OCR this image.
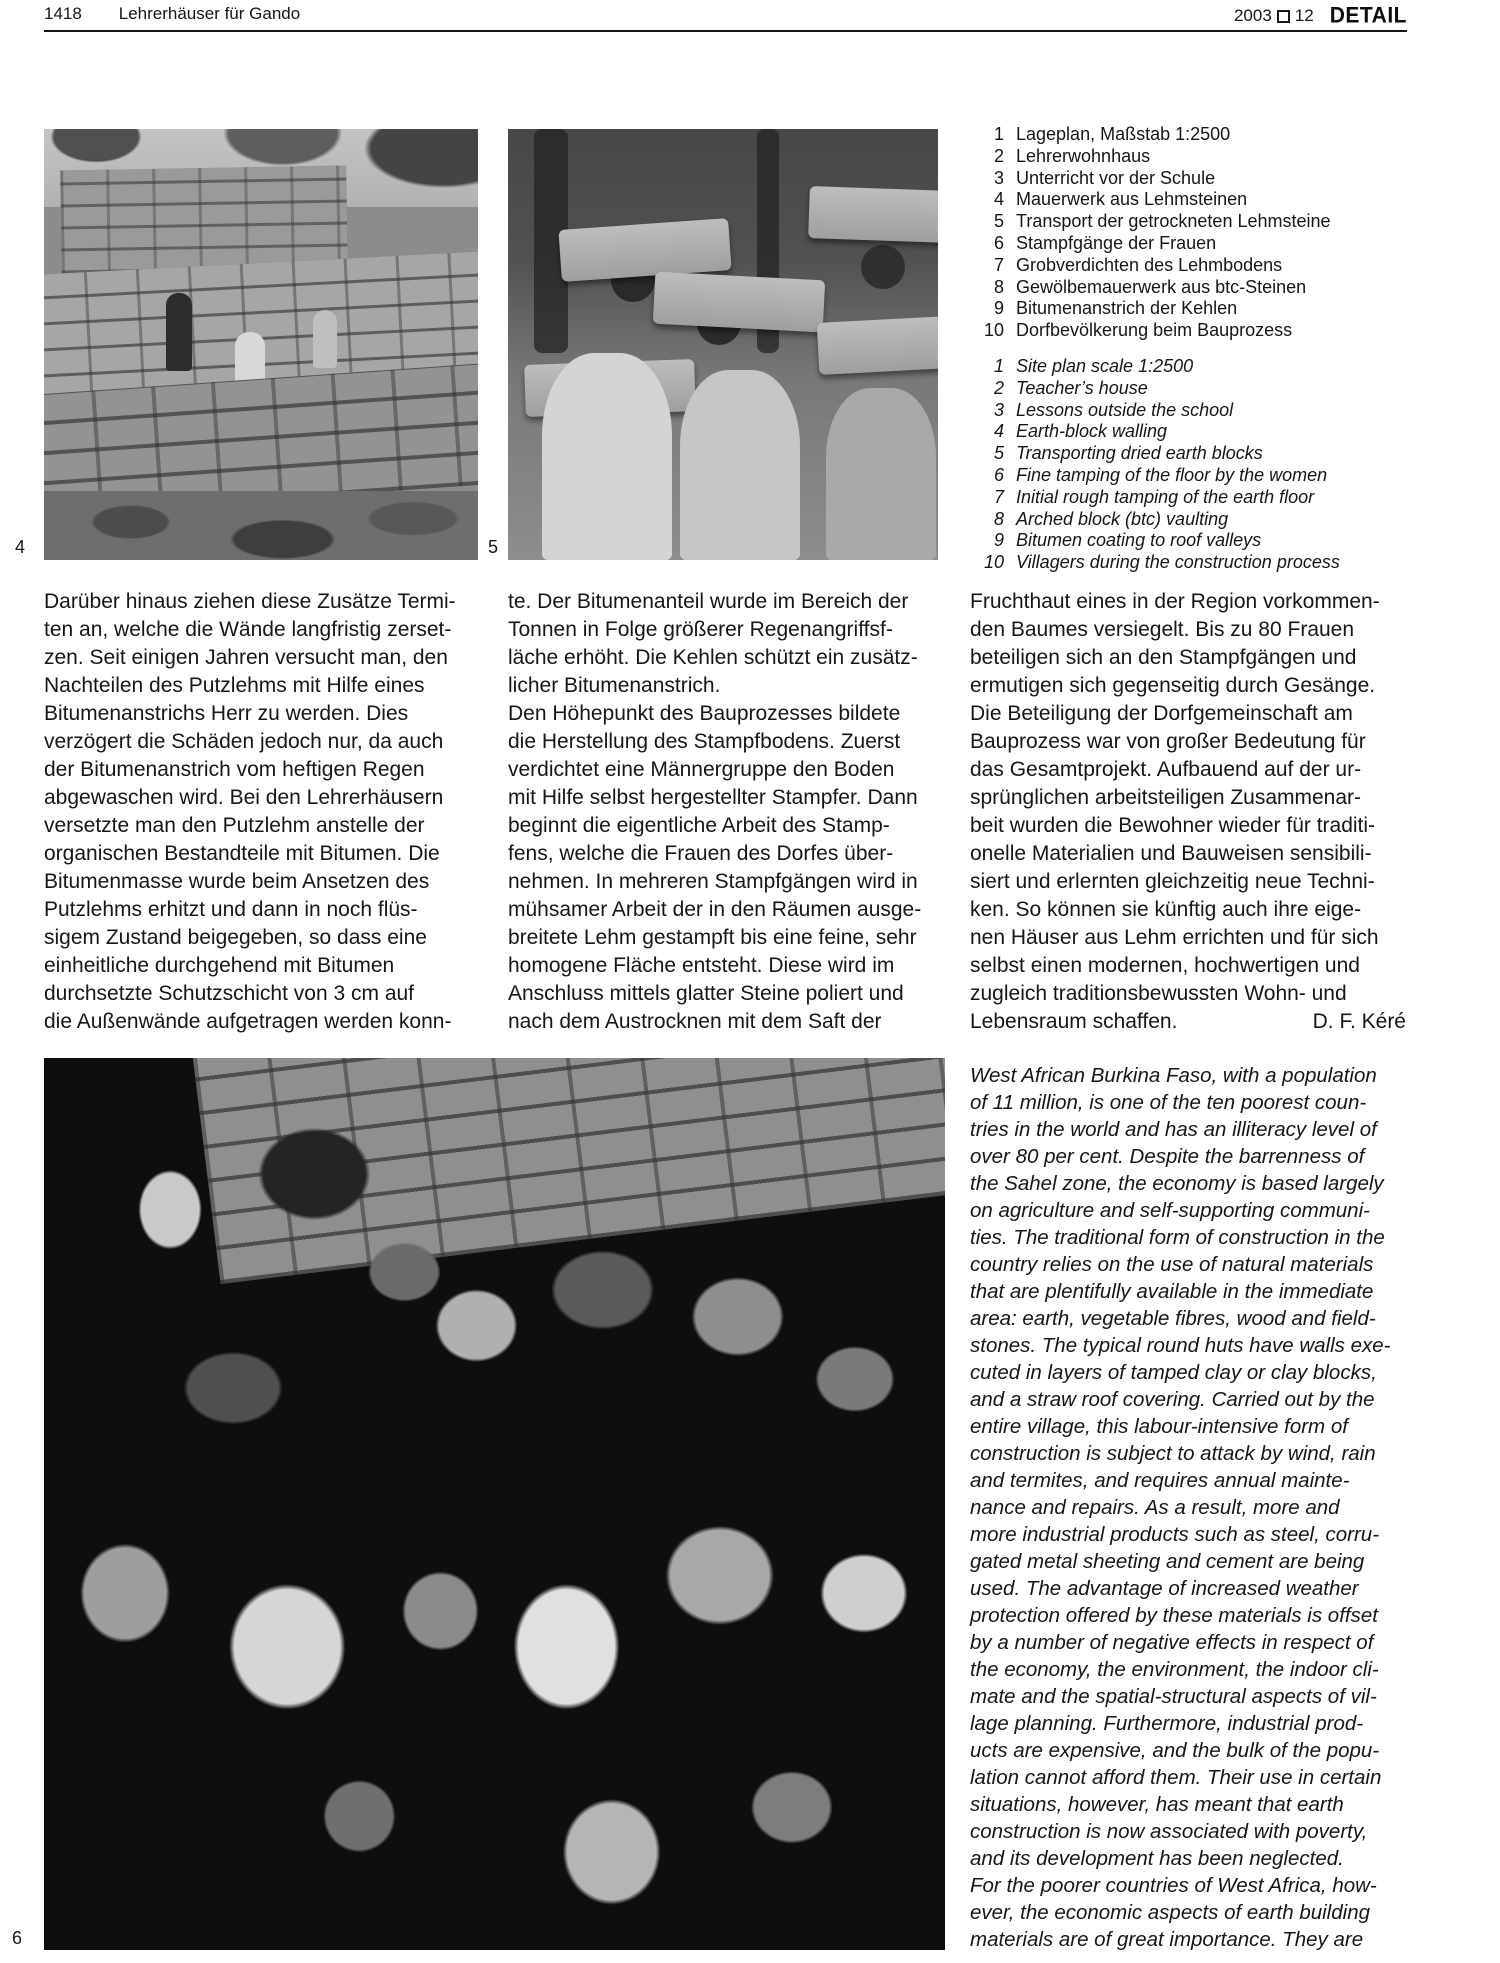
1418 Lehrerhäuser für Gando	2003 12 DETAIL
4	5
1 Lageplan, Maßstab 1:2500
2 Lehrerwohnhaus
3 Unterricht vor der Schule
4 Mauerwerk aus Lehmsteinen
5 Transport der getrockneten Lehmsteine
6 Stampfgänge der Frauen
7 Grobverdichten des Lehmbodens
8 Gewölbemauerwerk aus btc-Steinen
9 Bitumenanstrich der Kehlen
10 Dorfbevölkerung beim Bauprozess
1 Site plan scale 1:2500
2 Teacher’s house
3 Lessons outside the school
4 Earth-block walling
5 Transporting dried earth blocks
6 Fine tamping of the floor by the women
7 Initial rough tamping of the earth floor
8 Arched block (btc) vaulting
9 Bitumen coating to roof valleys
10 Villagers during the construction process
Darüber hinaus ziehen diese Zusätze Termi-
ten an, welche die Wände langfristig zerset-
zen. Seit einigen Jahren versucht man, den
Nachteilen des Putzlehms mit Hilfe eines
Bitumenanstrichs Herr zu werden. Dies
verzögert die Schäden jedoch nur, da auch
der Bitumenanstrich vom heftigen Regen
abgewaschen wird. Bei den Lehrerhäusern
versetzte man den Putzlehm anstelle der
organischen Bestandteile mit Bitumen. Die
Bitumenmasse wurde beim Ansetzen des
Putzlehms erhitzt und dann in noch flüs-
sigem Zustand beigegeben, so dass eine
einheitliche durchgehend mit Bitumen
durchsetzte Schutzschicht von 3 cm auf
die Außenwände aufgetragen werden konn-
te. Der Bitumenanteil wurde im Bereich der
Tonnen in Folge größerer Regenangriffsf-
läche erhöht. Die Kehlen schützt ein zusätz-
licher Bitumenanstrich.
Den Höhepunkt des Bauprozesses bildete
die Herstellung des Stampfbodens. Zuerst
verdichtet eine Männergruppe den Boden
mit Hilfe selbst hergestellter Stampfer. Dann
beginnt die eigentliche Arbeit des Stamp-
fens, welche die Frauen des Dorfes über-
nehmen. In mehreren Stampfgängen wird in
mühsamer Arbeit der in den Räumen ausge-
breitete Lehm gestampft bis eine feine, sehr
homogene Fläche entsteht. Diese wird im
Anschluss mittels glatter Steine poliert und
nach dem Austrocknen mit dem Saft der
Fruchthaut eines in der Region vorkommen-
den Baumes versiegelt. Bis zu 80 Frauen
beteiligen sich an den Stampfgängen und
ermutigen sich gegenseitig durch Gesänge.
Die Beteiligung der Dorfgemeinschaft am
Bauprozess war von großer Bedeutung für
das Gesamtprojekt. Aufbauend auf der ur-
sprünglichen arbeitsteiligen Zusammenar-
beit wurden die Bewohner wieder für traditi-
onelle Materialien und Bauweisen sensibili-
siert und erlernten gleichzeitig neue Techni-
ken. So können sie künftig auch ihre eige-
nen Häuser aus Lehm errichten und für sich
selbst einen modernen, hochwertigen und
zugleich traditionsbewussten Wohn- und
Lebensraum schaffen.	D. F. Kéré
6
West African Burkina Faso, with a population
of 11 million, is one of the ten poorest coun-
tries in the world and has an illiteracy level of
over 80 per cent. Despite the barrenness of
the Sahel zone, the economy is based largely
on agriculture and self-supporting communi-
ties. The traditional form of construction in the
country relies on the use of natural materials
that are plentifully available in the immediate
area: earth, vegetable fibres, wood and field-
stones. The typical round huts have walls exe-
cuted in layers of tamped clay or clay blocks,
and a straw roof covering. Carried out by the
entire village, this labour-intensive form of
construction is subject to attack by wind, rain
and termites, and requires annual mainte-
nance and repairs. As a result, more and
more industrial products such as steel, corru-
gated metal sheeting and cement are being
used. The advantage of increased weather
protection offered by these materials is offset
by a number of negative effects in respect of
the economy, the environment, the indoor cli-
mate and the spatial-structural aspects of vil-
lage planning. Furthermore, industrial prod-
ucts are expensive, and the bulk of the popu-
lation cannot afford them. Their use in certain
situations, however, has meant that earth
construction is now associated with poverty,
and its development has been neglected.
For the poorer countries of West Africa, how-
ever, the economic aspects of earth building
materials are of great importance. They are
